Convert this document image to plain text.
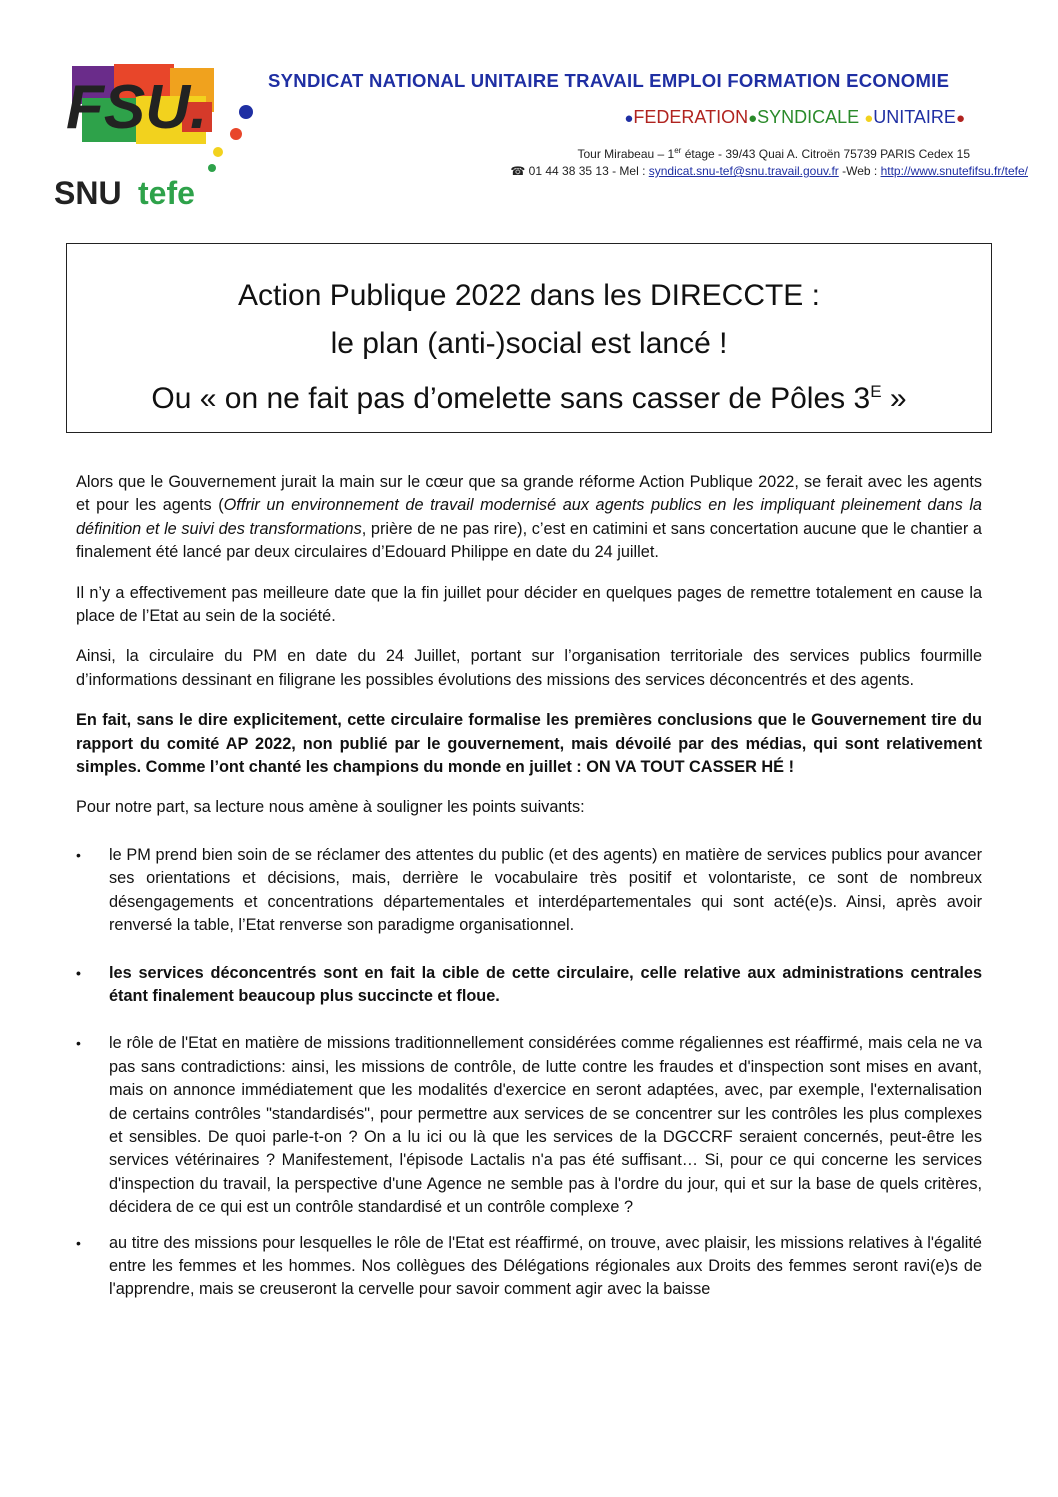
FSU.
SNU tefe
SYNDICAT NATIONAL UNITAIRE TRAVAIL EMPLOI FORMATION ECONOMIE
●FEDERATION●SYNDICALE ●UNITAIRE●
Tour Mirabeau – 1er étage - 39/43 Quai A. Citroën 75739 PARIS Cedex 15
☎ 01 44 38 35 13 - Mel : syndicat.snu-tef@snu.travail.gouv.fr -Web : http://www.snutefifsu.fr/tefe/
Action Publique 2022 dans les DIRECCTE :
le plan (anti-)social est lancé !
Ou « on ne fait pas d’omelette sans casser de Pôles $3^E$ »

Alors que le Gouvernement jurait la main sur le cœur que sa grande réforme Action Publique 2022, se ferait avec les agents et pour les agents (Offrir un environnement de travail modernisé aux agents publics en les impliquant pleinement dans la définition et le suivi des transformations, prière de ne pas rire), c’est en catimini et sans concertation aucune que le chantier a finalement été lancé par deux circulaires d’Edouard Philippe en date du 24 juillet.

Il n’y a effectivement pas meilleure date que la fin juillet pour décider en quelques pages de remettre totalement en cause la place de l’Etat au sein de la société.

Ainsi, la circulaire du PM en date du 24 Juillet, portant sur l’organisation territoriale des services publics fourmille d’informations dessinant en filigrane les possibles évolutions des missions des services déconcentrés et des agents.

En fait, sans le dire explicitement, cette circulaire formalise les premières conclusions que le Gouvernement tire du rapport du comité AP 2022, non publié par le gouvernement, mais dévoilé par des médias, qui sont relativement simples. Comme l’ont chanté les champions du monde en juillet : ON VA TOUT CASSER HÉ !

Pour notre part, sa lecture nous amène à souligner les points suivants:

• le PM prend bien soin de se réclamer des attentes du public (et des agents) en matière de services publics pour avancer ses orientations et décisions, mais, derrière le vocabulaire très positif et volontariste, ce sont de nombreux désengagements et concentrations départementales et interdépartementales qui sont acté(e)s. Ainsi, après avoir renversé la table, l’Etat renverse son paradigme organisationnel.
• les services déconcentrés sont en fait la cible de cette circulaire, celle relative aux administrations centrales étant finalement beaucoup plus succincte et floue.
• le rôle de l'Etat en matière de missions traditionnellement considérées comme régaliennes est réaffirmé, mais cela ne va pas sans contradictions: ainsi, les missions de contrôle, de lutte contre les fraudes et d'inspection sont mises en avant, mais on annonce immédiatement que les modalités d'exercice en seront adaptées, avec, par exemple, l'externalisation de certains contrôles "standardisés", pour permettre aux services de se concentrer sur les contrôles les plus complexes et sensibles. De quoi parle-t-on ? On a lu ici ou là que les services de la DGCCRF seraient concernés, peut-être les services vétérinaires ? Manifestement, l'épisode Lactalis n'a pas été suffisant… Si, pour ce qui concerne les services d'inspection du travail, la perspective d'une Agence ne semble pas à l'ordre du jour, qui et sur la base de quels critères, décidera de ce qui est un contrôle standardisé et un contrôle complexe ?
• au titre des missions pour lesquelles le rôle de l'Etat est réaffirmé, on trouve, avec plaisir, les missions relatives à l'égalité entre les femmes et les hommes. Nos collègues des Délégations régionales aux Droits des femmes seront ravi(e)s de l'apprendre, mais se creuseront la cervelle pour savoir comment agir avec la baisse
